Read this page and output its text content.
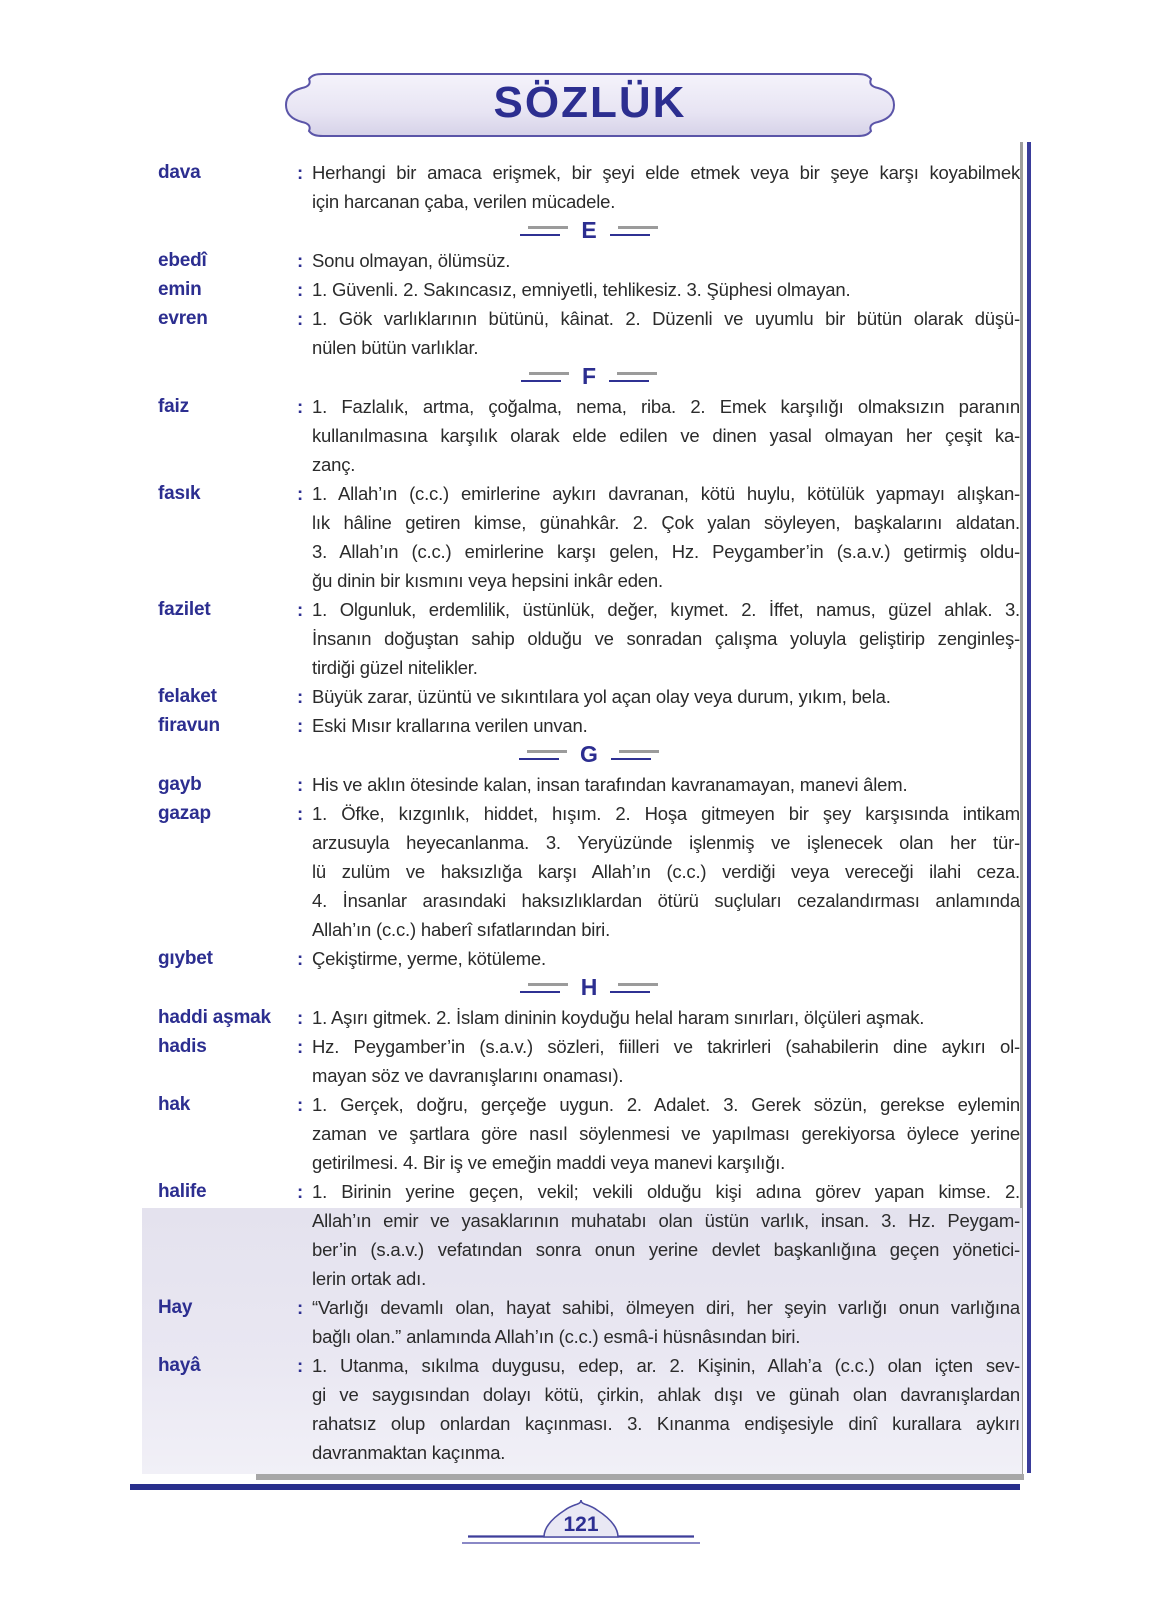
SÖZLÜK
dava	: Herhangi bir amaca erişmek, bir şeyi elde etmek veya bir şeye karşı koyabilmek
için harcanan çaba, verilen mücadele.
E
ebedî	: Sonu olmayan, ölümsüz.
emin	: 1. Güvenli. 2. Sakıncasız, emniyetli, tehlikesiz. 3. Şüphesi olmayan.
evren	: 1. Gök varlıklarının bütünü, kâinat. 2. Düzenli ve uyumlu bir bütün olarak düşü-
nülen bütün varlıklar.
F
faiz	: 1. Fazlalık, artma, çoğalma, nema, riba. 2. Emek karşılığı olmaksızın paranın
kullanılmasına karşılık olarak elde edilen ve dinen yasal olmayan her çeşit ka-
zanç.
fasık	: 1. Allah’ın (c.c.) emirlerine aykırı davranan, kötü huylu, kötülük yapmayı alışkan-
lık hâline getiren kimse, günahkâr. 2. Çok yalan söyleyen, başkalarını aldatan.
3. Allah’ın (c.c.) emirlerine karşı gelen, Hz. Peygamber’in (s.a.v.) getirmiş oldu-
ğu dinin bir kısmını veya hepsini inkâr eden.
fazilet	: 1. Olgunluk, erdemlilik, üstünlük, değer, kıymet. 2. İffet, namus, güzel ahlak. 3.
İnsanın doğuştan sahip olduğu ve sonradan çalışma yoluyla geliştirip zenginleş-
tirdiği güzel nitelikler.
felaket	: Büyük zarar, üzüntü ve sıkıntılara yol açan olay veya durum, yıkım, bela.
firavun	: Eski Mısır krallarına verilen unvan.
G
gayb	: His ve aklın ötesinde kalan, insan tarafından kavranamayan, manevi âlem.
gazap	: 1. Öfke, kızgınlık, hiddet, hışım. 2. Hoşa gitmeyen bir şey karşısında intikam
arzusuyla heyecanlanma. 3. Yeryüzünde işlenmiş ve işlenecek olan her tür-
lü zulüm ve haksızlığa karşı Allah’ın (c.c.) verdiği veya vereceği ilahi ceza.
4. İnsanlar arasındaki haksızlıklardan ötürü suçluları cezalandırması anlamında
Allah’ın (c.c.) haberî sıfatlarından biri.
gıybet	: Çekiştirme, yerme, kötüleme.
H
haddi aşmak	: 1. Aşırı gitmek. 2. İslam dininin koyduğu helal haram sınırları, ölçüleri aşmak.
hadis	: Hz. Peygamber’in (s.a.v.) sözleri, fiilleri ve takrirleri (sahabilerin dine aykırı ol-
mayan söz ve davranışlarını onaması).
hak	: 1. Gerçek, doğru, gerçeğe uygun. 2. Adalet. 3. Gerek sözün, gerekse eylemin
zaman ve şartlara göre nasıl söylenmesi ve yapılması gerekiyorsa öylece yerine
getirilmesi. 4. Bir iş ve emeğin maddi veya manevi karşılığı.
halife	: 1. Birinin yerine geçen, vekil; vekili olduğu kişi adına görev yapan kimse. 2.
Allah’ın emir ve yasaklarının muhatabı olan üstün varlık, insan. 3. Hz. Peygam-
ber’in (s.a.v.) vefatından sonra onun yerine devlet başkanlığına geçen yönetici-
lerin ortak adı.
Hay	: “Varlığı devamlı olan, hayat sahibi, ölmeyen diri, her şeyin varlığı onun varlığına
bağlı olan.” anlamında Allah’ın (c.c.) esmâ-i hüsnâsından biri.
hayâ	: 1. Utanma, sıkılma duygusu, edep, ar. 2. Kişinin, Allah’a (c.c.) olan içten sev-
gi ve saygısından dolayı kötü, çirkin, ahlak dışı ve günah olan davranışlardan
rahatsız olup onlardan kaçınması. 3. Kınanma endişesiyle dinî kurallara aykırı
davranmaktan kaçınma.
121
